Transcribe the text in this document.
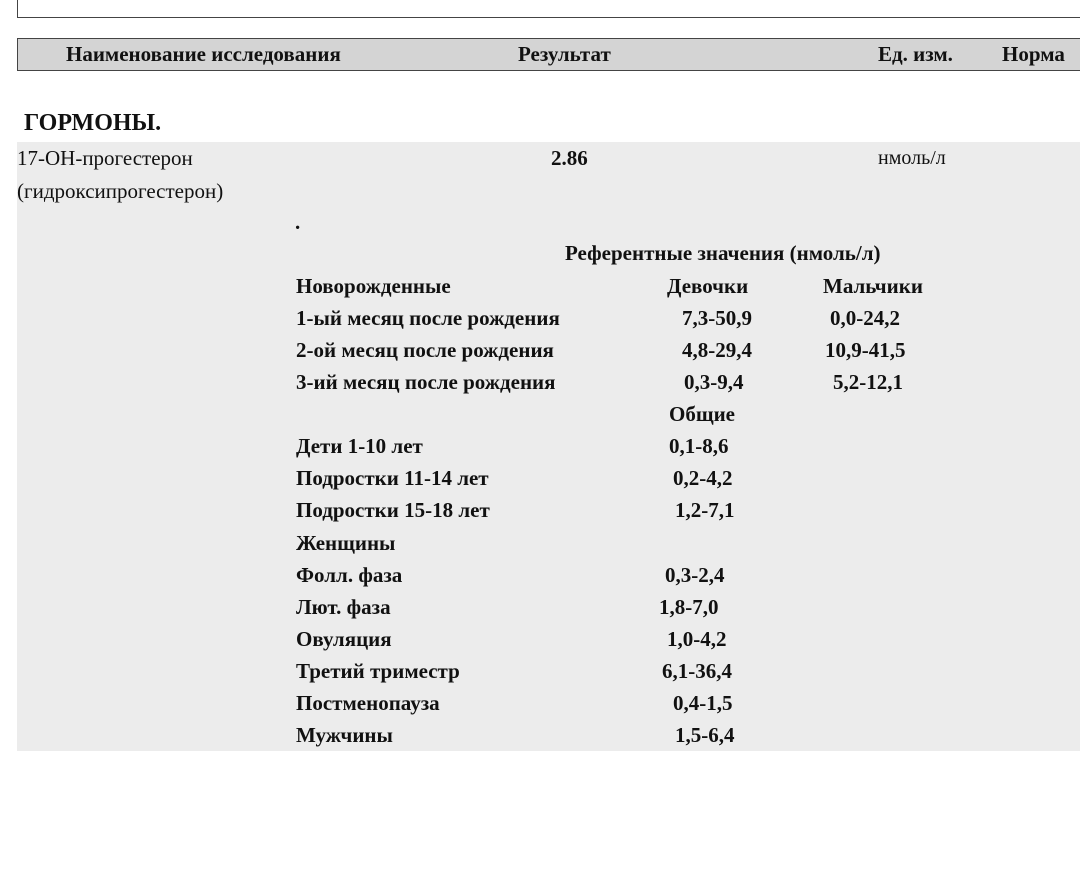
Наименование исследования	Результат	Ед. изм. Норма
ГОРМОНЫ.
17-ОН-прогестерон
(гидроксипрогестерон)
2.86	нмоль/л
.
Референтные значения (нмоль/л)
Новорожденные	Девочки	Мальчики
1-ый месяц после рождения	7,3-50,9	0,0-24,2
2-ой месяц после рождения	4,8-29,4	10,9-41,5
3-ий месяц после рождения	0,3-9,4	5,2-12,1
Общие
Дети 1-10 лет	0,1-8,6
Подростки 11-14 лет	0,2-4,2
Подростки 15-18 лет	1,2-7,1
Женщины
Фолл. фаза	0,3-2,4
Лют. фаза	1,8-7,0
Овуляция	1,0-4,2
Третий триместр	6,1-36,4
Постменопауза	0,4-1,5
Мужчины	1,5-6,4
